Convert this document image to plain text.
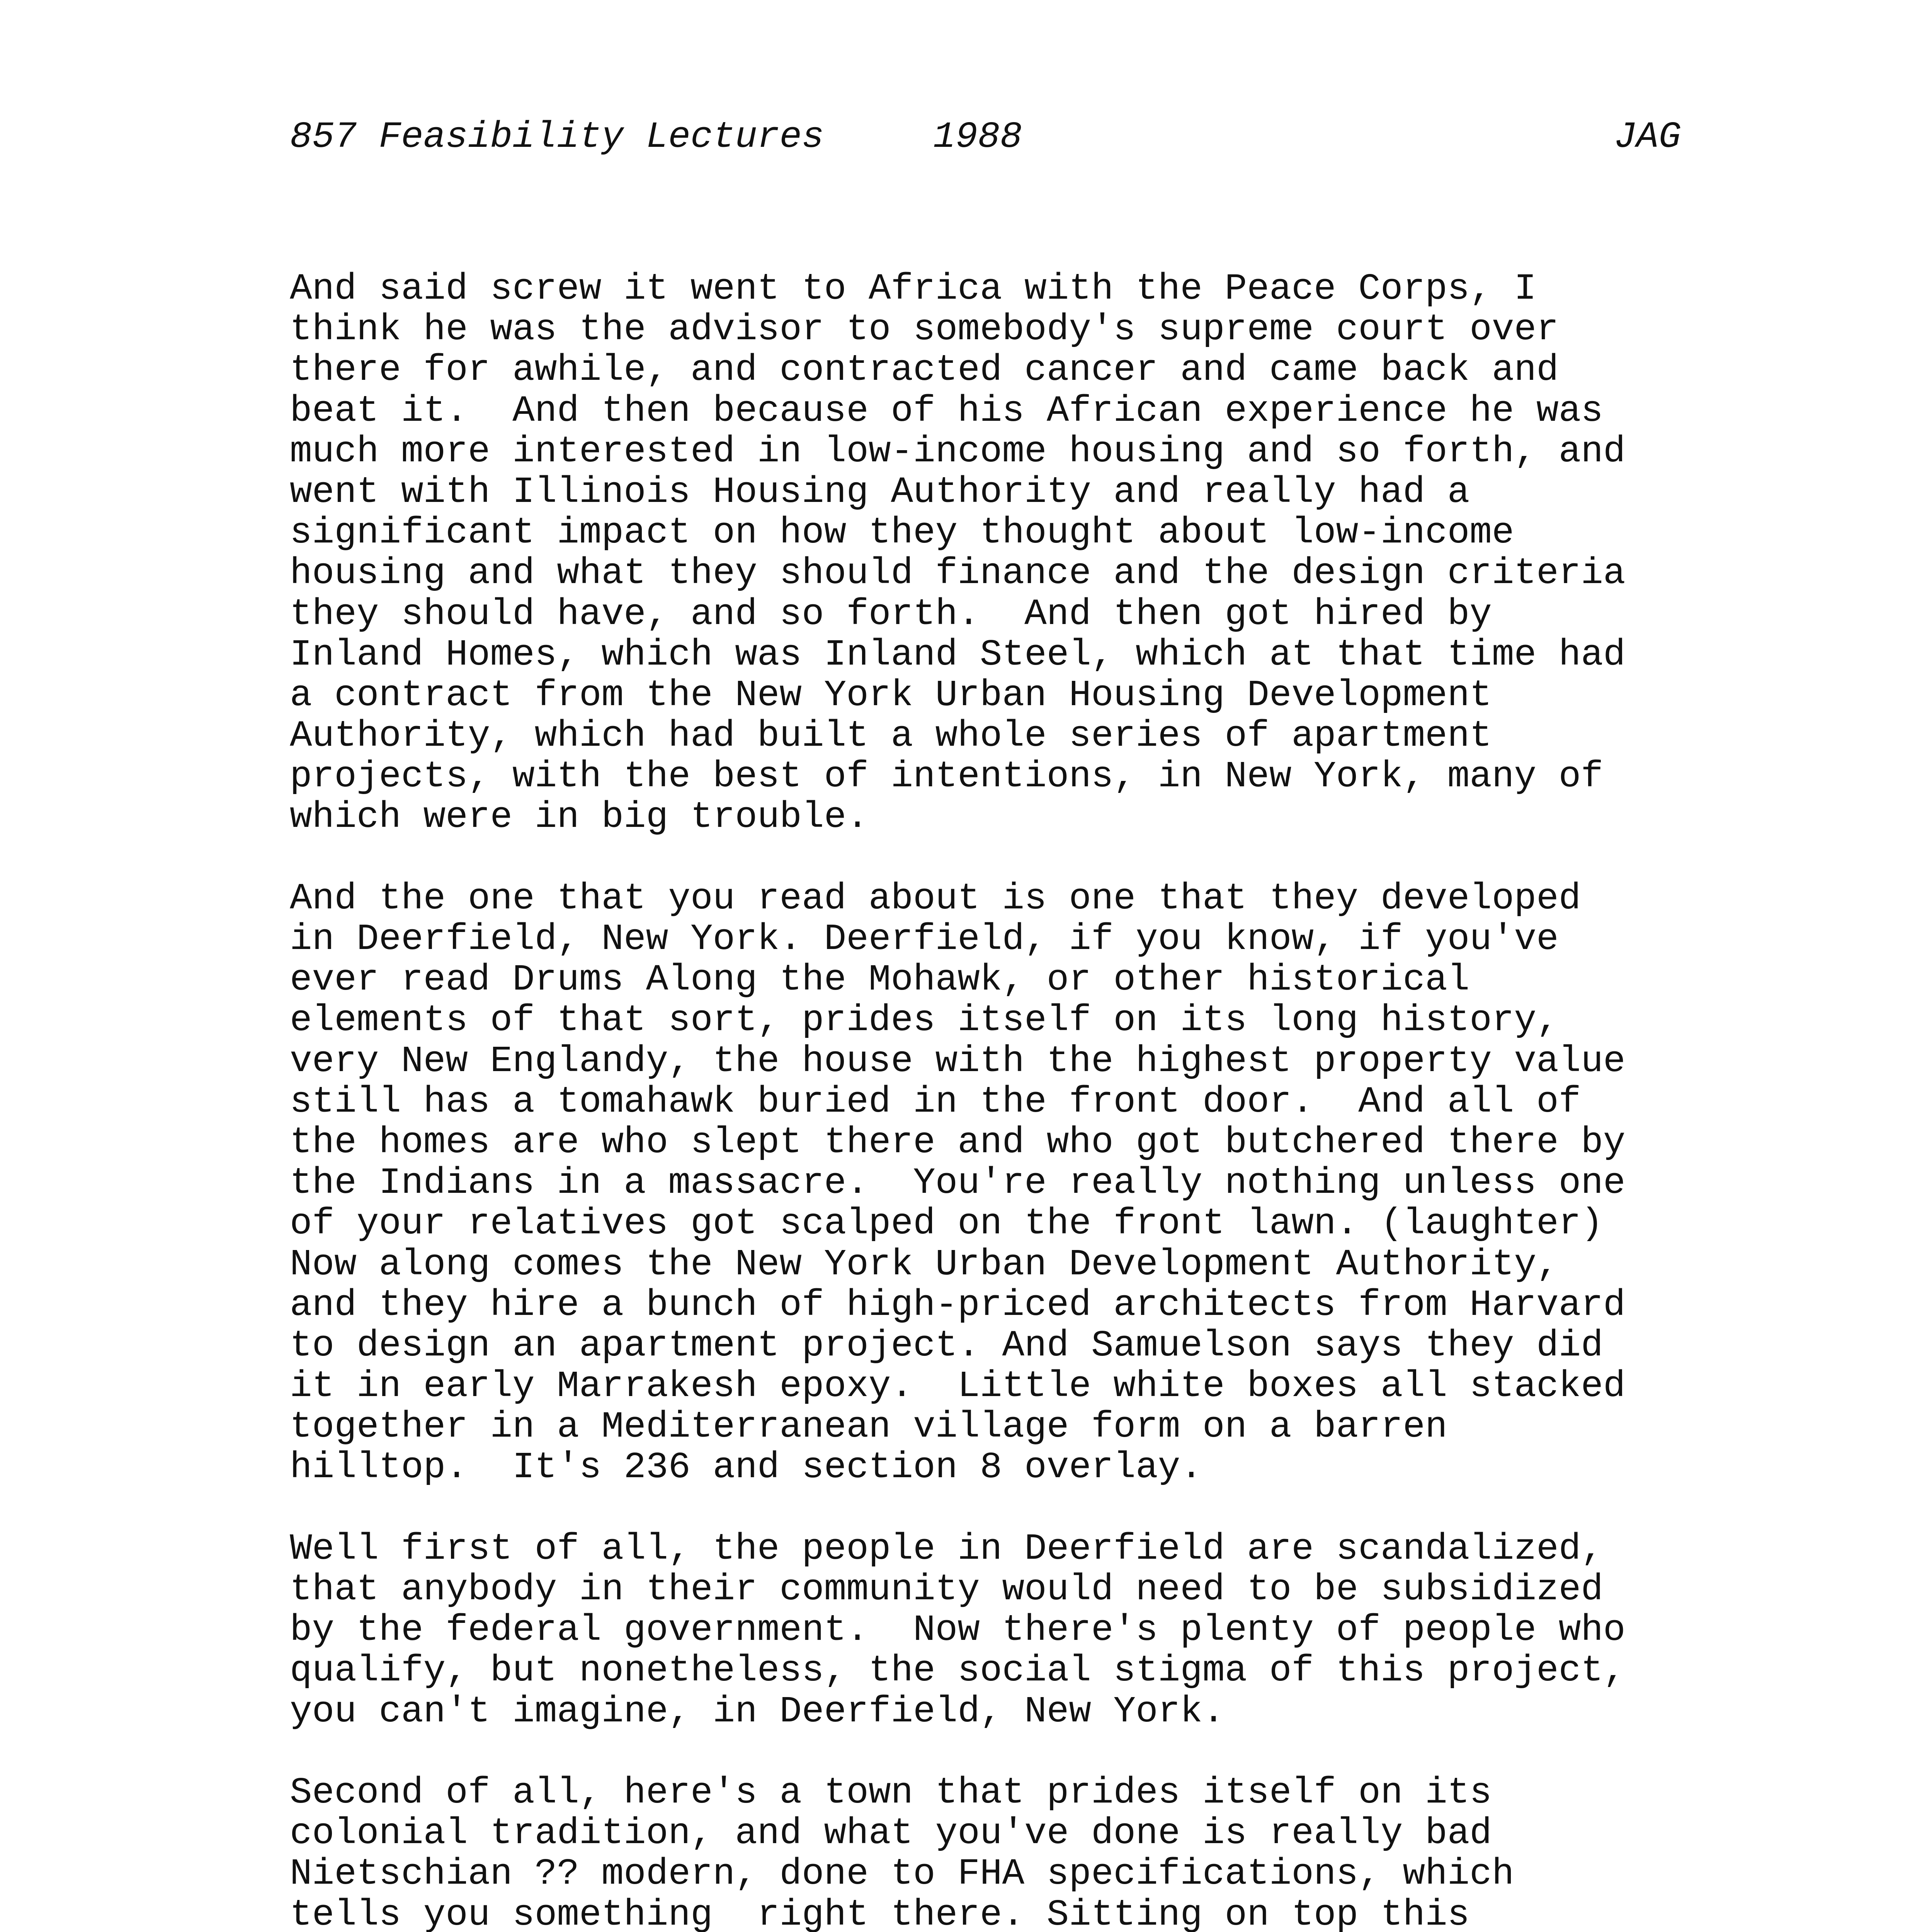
857 Feasibility Lectures

	1988

	JAG

And said screw it went to Africa with the Peace Corps, I
think he was the advisor to somebody's supreme court over
there for awhile, and contracted cancer and came back and
beat it.  And then because of his African experience he was
much more interested in low-income housing and so forth, and
went with Illinois Housing Authority and really had a
significant impact on how they thought about low-income
housing and what they should finance and the design criteria
they should have, and so forth.  And then got hired by
Inland Homes, which was Inland Steel, which at that time had
a contract from the New York Urban Housing Development
Authority, which had built a whole series of apartment
projects, with the best of intentions, in New York, many of
which were in big trouble.
And the one that you read about is one that they developed
in Deerfield, New York. Deerfield, if you know, if you've
ever read Drums Along the Mohawk, or other historical
elements of that sort, prides itself on its long history,
very New Englandy, the house with the highest property value
still has a tomahawk buried in the front door.  And all of
the homes are who slept there and who got butchered there by
the Indians in a massacre.  You're really nothing unless one
of your relatives got scalped on the front lawn. (laughter)
Now along comes the New York Urban Development Authority,
and they hire a bunch of high-priced architects from Harvard
to design an apartment project. And Samuelson says they did
it in early Marrakesh epoxy.  Little white boxes all stacked
together in a Mediterranean village form on a barren
hilltop.  It's 236 and section 8 overlay.
Well first of all, the people in Deerfield are scandalized,
that anybody in their community would need to be subsidized
by the federal government.  Now there's plenty of people who
qualify, but nonetheless, the social stigma of this project,
you can't imagine, in Deerfield, New York.
Second of all, here's a town that prides itself on its
colonial tradition, and what you've done is really bad
Nietschian ?? modern, done to FHA specifications, which
tells you something  right there. Sitting on top this
